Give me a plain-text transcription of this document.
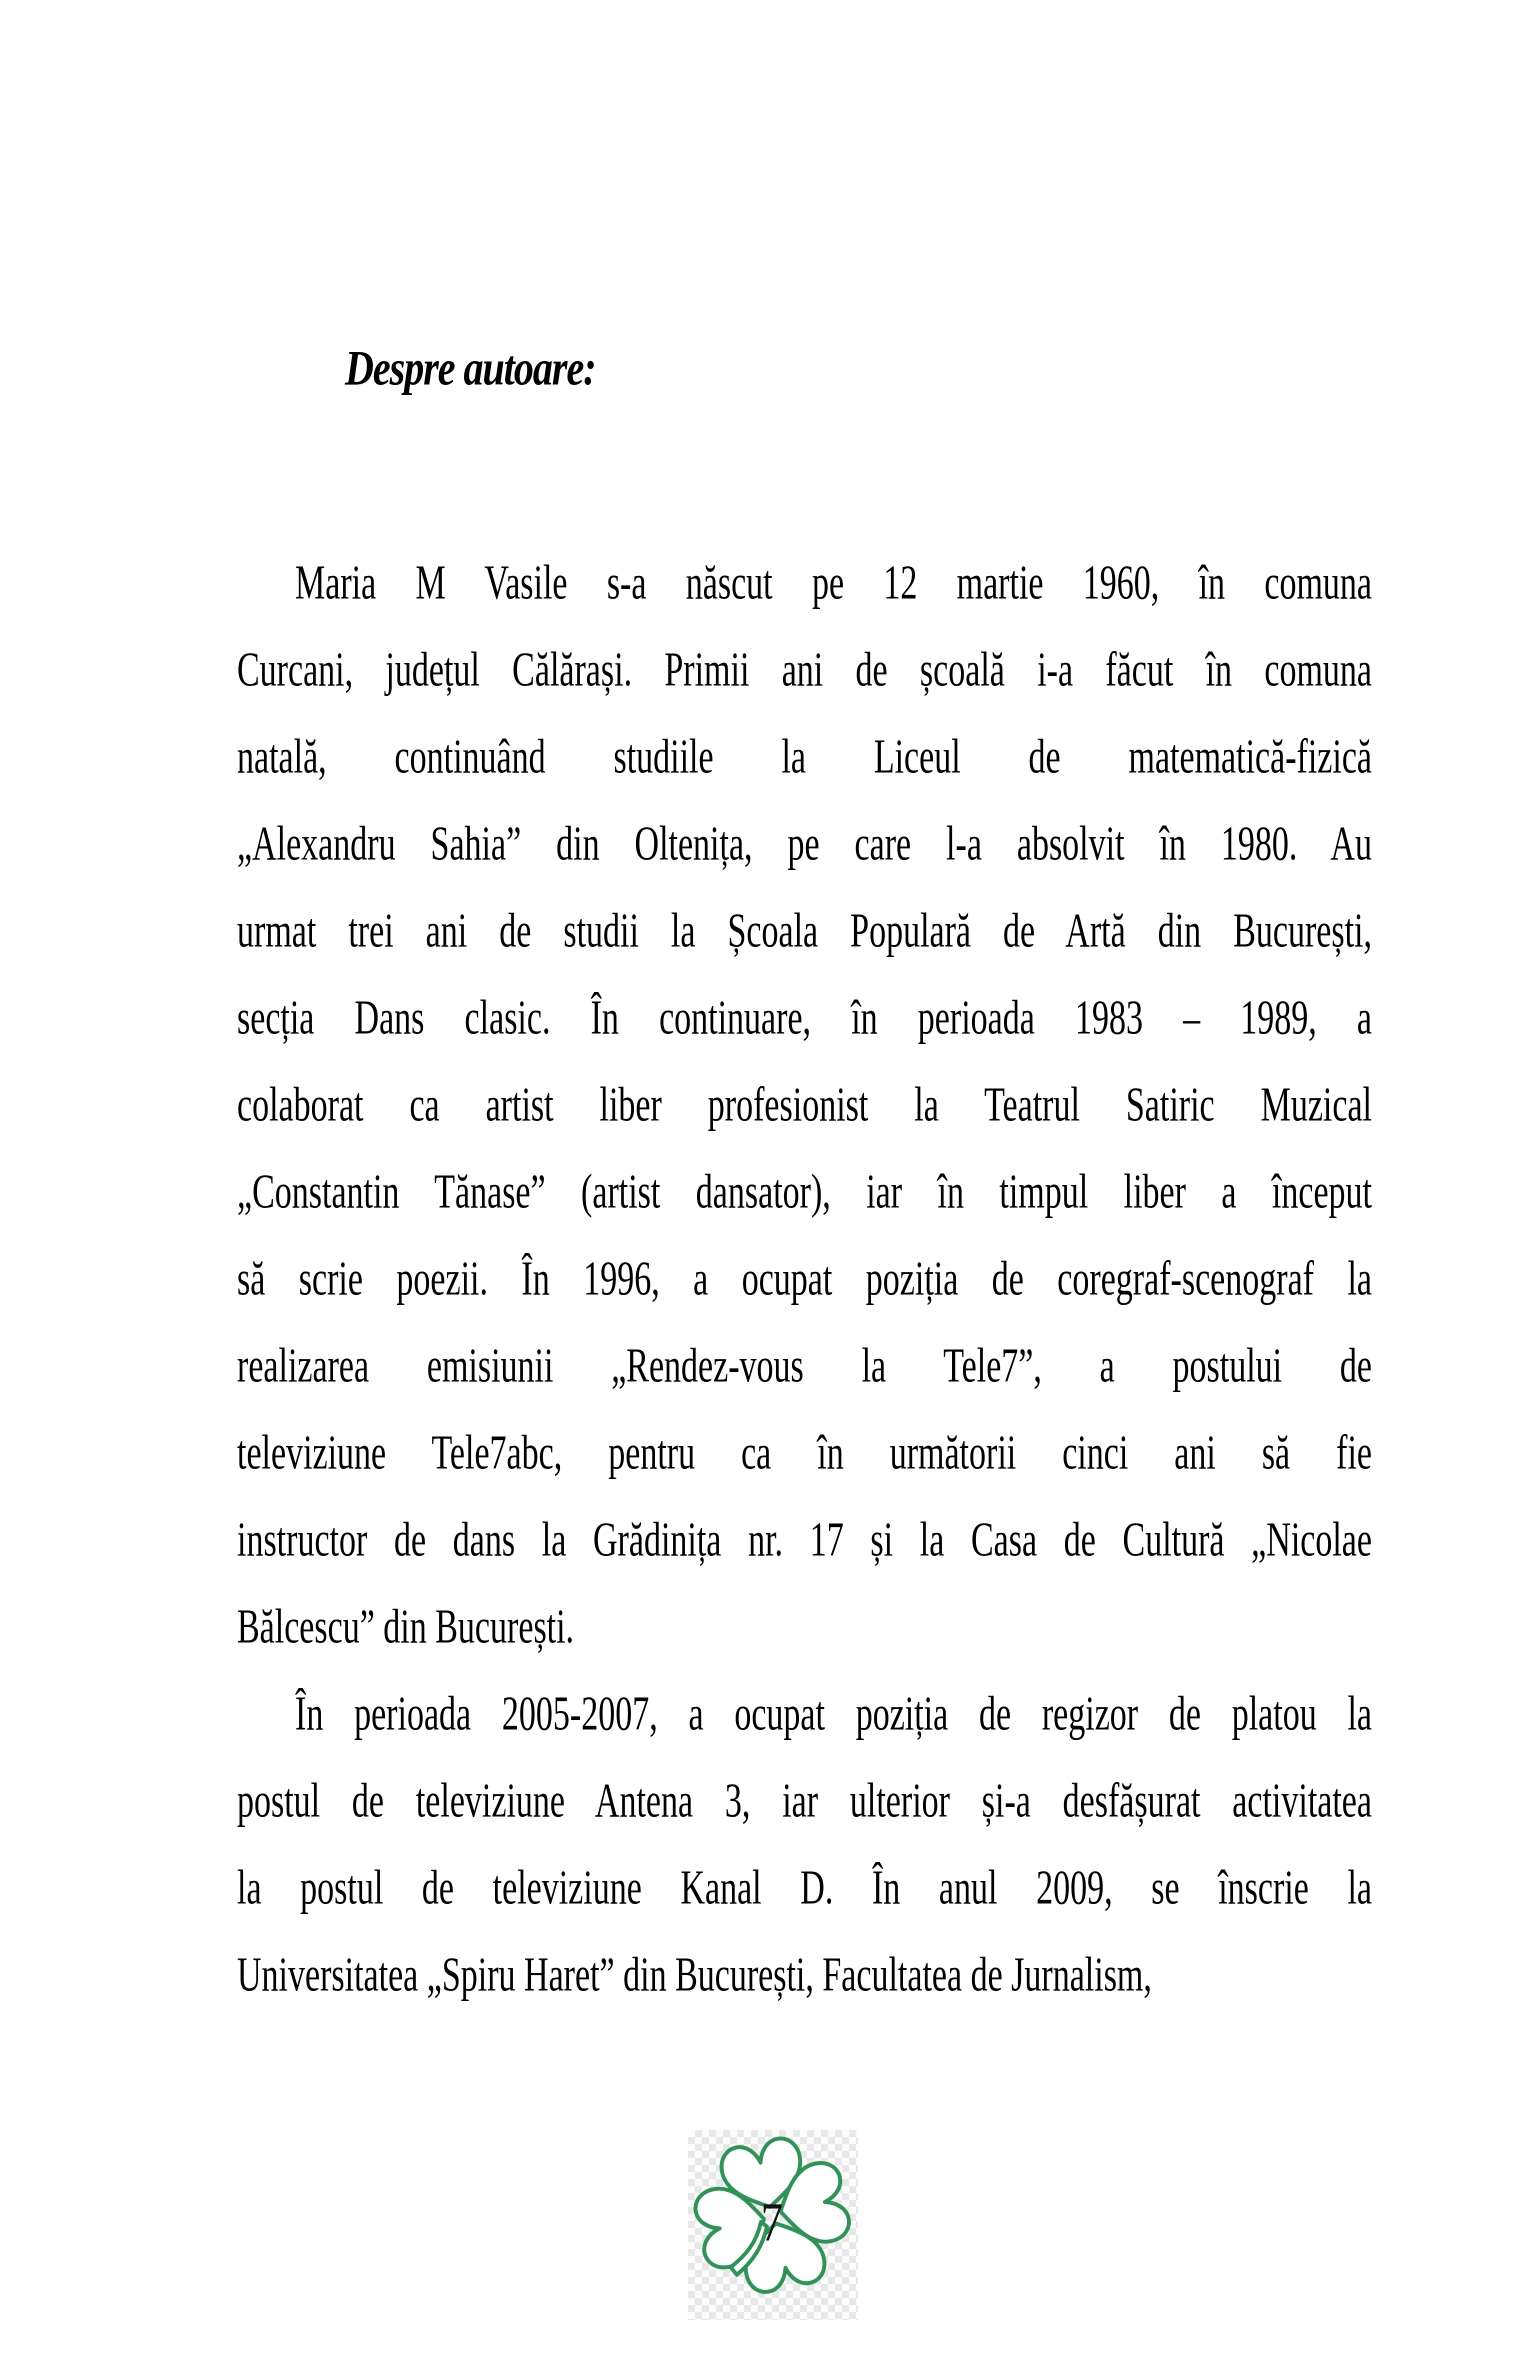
Despre autoare:

Maria M Vasile s-a născut pe 12 martie 1960, în comuna
Curcani, județul Călărași. Primii ani de școală i-a făcut în comuna
natală, continuând studiile la Liceul de matematică-fizică
„Alexandru Sahia” din Oltenița, pe care l-a absolvit în 1980. Au
urmat trei ani de studii la Școala Populară de Artă din București,
secția Dans clasic. În continuare, în perioada 1983 – 1989, a
colaborat ca artist liber profesionist la Teatrul Satiric Muzical
„Constantin Tănase” (artist dansator), iar în timpul liber a început
să scrie poezii. În 1996, a ocupat poziția de coregraf-scenograf la
realizarea emisiunii „Rendez-vous la Tele7”, a postului de
televiziune Tele7abc, pentru ca în următorii cinci ani să fie
instructor de dans la Grădinița nr. 17 și la Casa de Cultură „Nicolae
Bălcescu” din București.

În perioada 2005-2007, a ocupat poziția de regizor de platou la
postul de televiziune Antena 3, iar ulterior și-a desfășurat activitatea
la postul de televiziune Kanal D. În anul 2009, se înscrie la
Universitatea „Spiru Haret” din București, Facultatea de Jurnalism,

7
